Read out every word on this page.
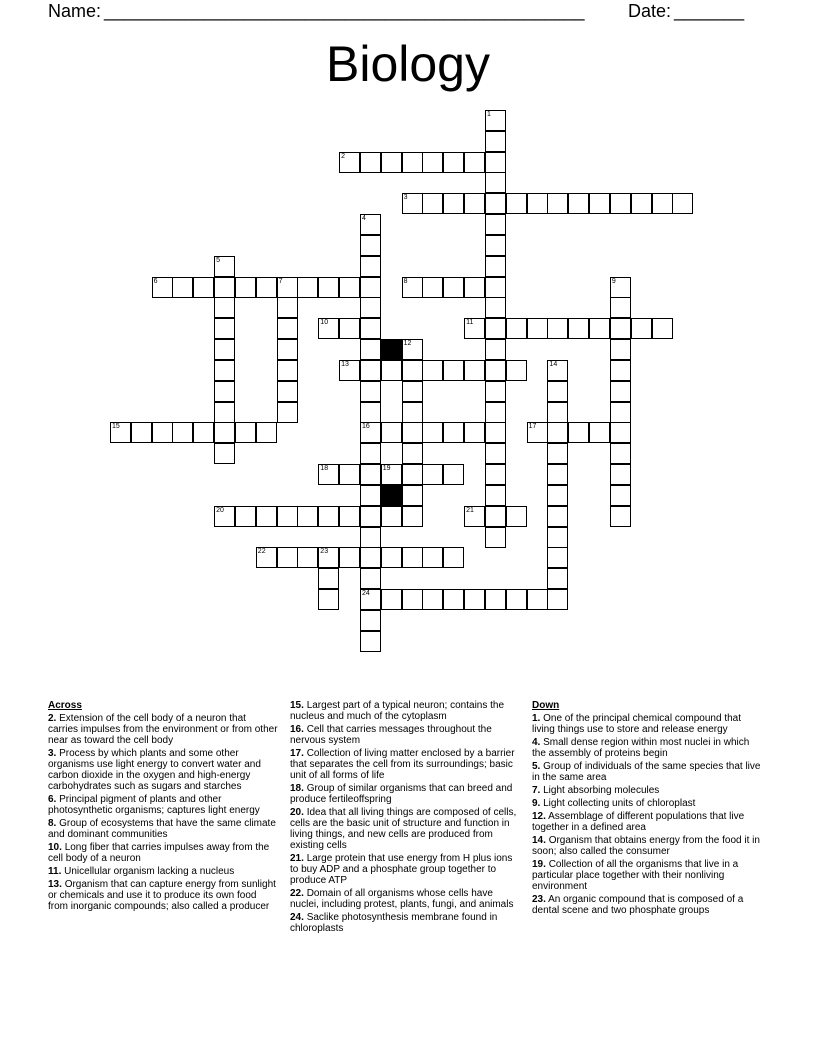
Name: ________________________________________________ Date: _______
Biology
2
3
6	7	8
10	11
13
15	16	17
18	19
20	21
22	23
24
1
4
5
9
12
14
Across
2. Extension of the cell body of a neuron that carries impulses from the environment or from other near as toward the cell body
3. Process by which plants and some other organisms use light energy to convert water and carbon dioxide in the oxygen and high-energy carbohydrates such as sugars and starches
6. Principal pigment of plants and other photosynthetic organisms; captures light energy
8. Group of ecosystems that have the same climate and dominant communities
10. Long fiber that carries impulses away from the cell body of a neuron
11. Unicellular organism lacking a nucleus
13. Organism that can capture energy from sunlight or chemicals and use it to produce its own food from inorganic compounds; also called a producer
15. Largest part of a typical neuron; contains the nucleus and much of the cytoplasm
16. Cell that carries messages throughout the nervous system
17. Collection of living matter enclosed by a barrier that separates the cell from its surroundings; basic unit of all forms of life
18. Group of similar organisms that can breed and produce fertileoffspring
20. Idea that all living things are composed of cells, cells are the basic unit of structure and function in living things, and new cells are produced from existing cells
21. Large protein that use energy from H plus ions to buy ADP and a phosphate group together to produce ATP
22. Domain of all organisms whose cells have nuclei, including protest, plants, fungi, and animals
24. Saclike photosynthesis membrane found in chloroplasts
Down
1. One of the principal chemical compound that living things use to store and release energy
4. Small dense region within most nuclei in which the assembly of proteins begin
5. Group of individuals of the same species that live in the same area
7. Light absorbing molecules
9. Light collecting units of chloroplast
12. Assemblage of different populations that live together in a defined area
14. Organism that obtains energy from the food it in soon; also called the consumer
19. Collection of all the organisms that live in a particular place together with their nonliving environment
23. An organic compound that is composed of a dental scene and two phosphate groups
